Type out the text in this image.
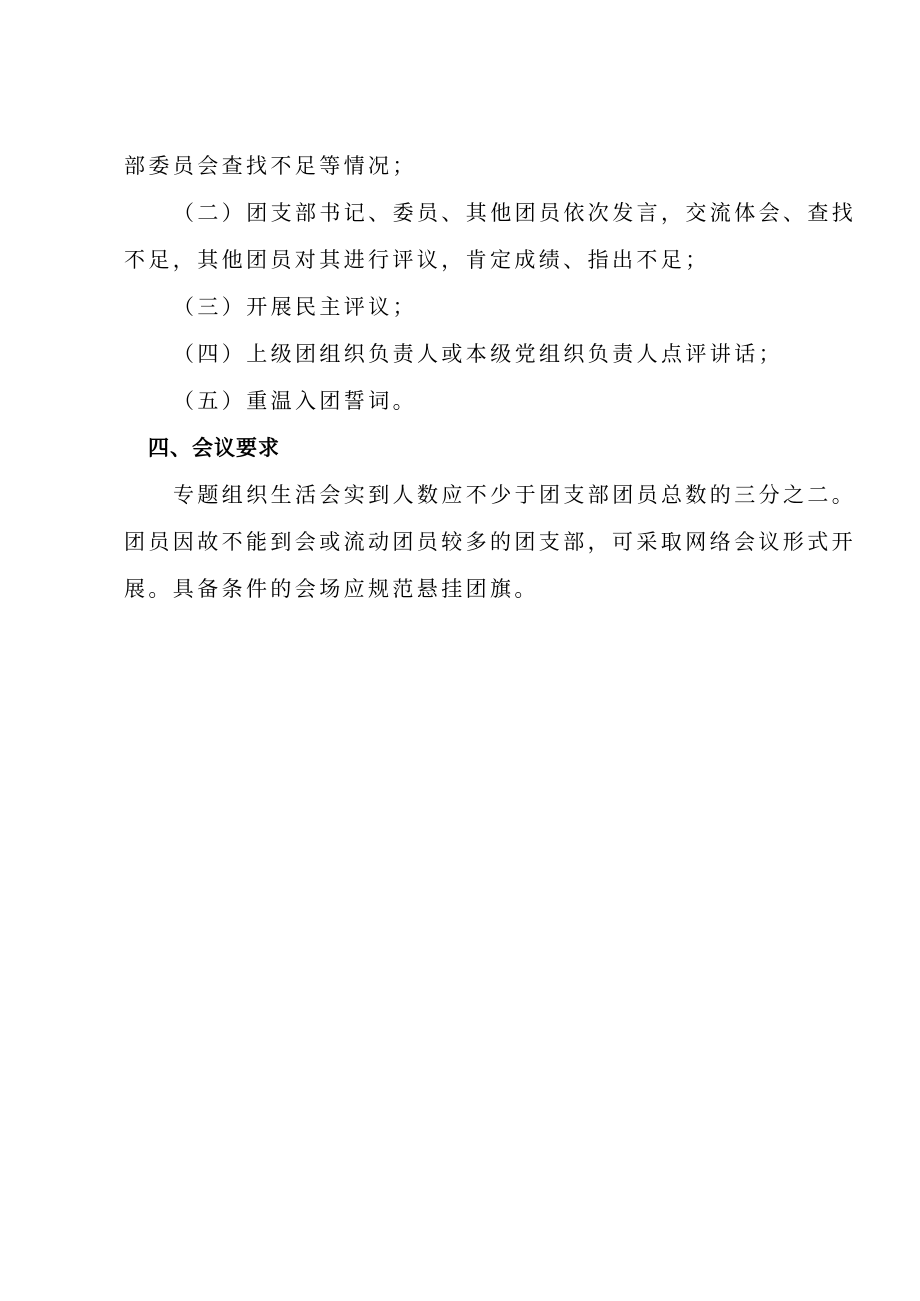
部委员会查找不足等情况；
（二）团支部书记、委员、其他团员依次发言，交流体会、查找
不足，其他团员对其进行评议，肯定成绩、指出不足；
（三）开展民主评议；
（四）上级团组织负责人或本级党组织负责人点评讲话；
（五）重温入团誓词。
四、会议要求
专题组织生活会实到人数应不少于团支部团员总数的三分之二。
团员因故不能到会或流动团员较多的团支部，可采取网络会议形式开
展。具备条件的会场应规范悬挂团旗。
